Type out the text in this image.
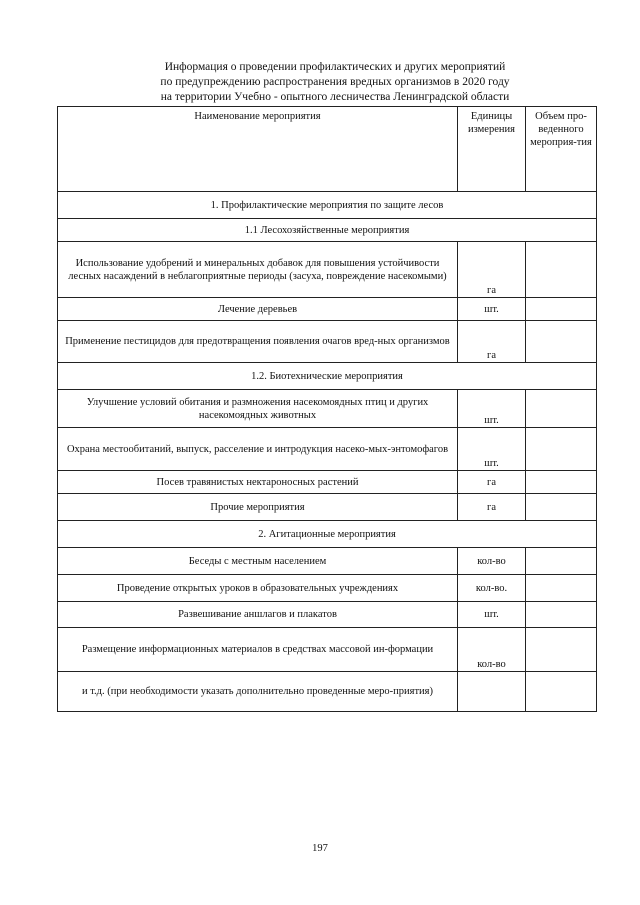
Информация о проведении профилактических и других мероприятий
по предупреждению распространения вредных организмов в 2020 году
на территории Учебно - опытного лесничества Ленинградской области
Наименование мероприятия	Единицы измерения	Объем про-веденного мероприя-тия
1. Профилактические мероприятия по защите лесов		
1.1 Лесохозяйственные мероприятия		
Использование удобрений и минеральных добавок для повышения устойчивости лесных насаждений в неблагоприятные периоды (засуха, повреждение насекомыми)	га	
Лечение деревьев	шт.	
Применение пестицидов для предотвращения появления очагов вред-ных организмов	га	
1.2. Биотехнические мероприятия		
Улучшение условий обитания и размножения насекомоядных птиц и других насекомоядных животных	шт.	
Охрана местообитаний, выпуск, расселение и интродукция насеко-мых-энтомофагов	шт.	
Посев травянистых нектароносных растений	га	
Прочие мероприятия	га	
2. Агитационные мероприятия		
Беседы с местным населением	кол-во	
Проведение открытых уроков в образовательных учреждениях	кол-во.	
Развешивание аншлагов и плакатов	шт.	
Размещение информационных материалов в средствах массовой ин-формации	кол-во	
и т.д. (при необходимости указать дополнительно проведенные меро-приятия)		
197
